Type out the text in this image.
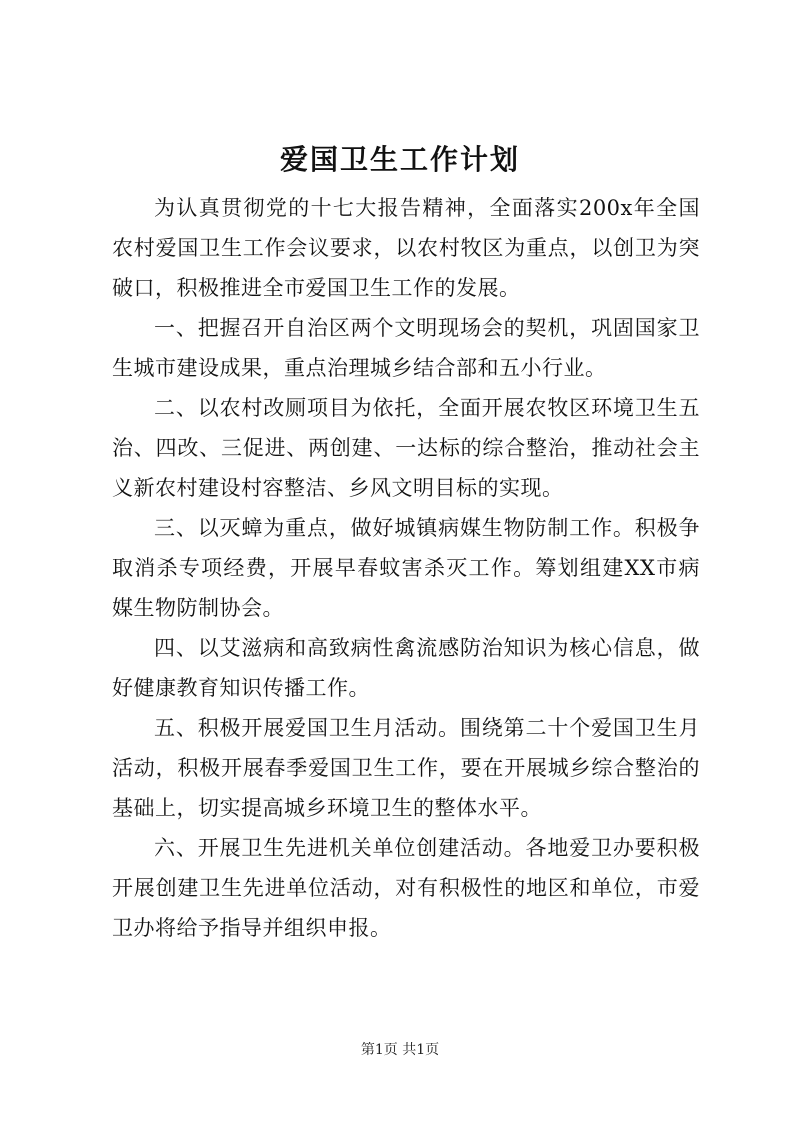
爱国卫生工作计划

为认真贯彻党的十七大报告精神，全面落实200x年全国农村爱国卫生工作会议要求，以农村牧区为重点，以创卫为突破口，积极推进全市爱国卫生工作的发展。

一、把握召开自治区两个文明现场会的契机，巩固国家卫生城市建设成果，重点治理城乡结合部和五小行业。

二、以农村改厕项目为依托，全面开展农牧区环境卫生五治、四改、三促进、两创建、一达标的综合整治，推动社会主义新农村建设村容整洁、乡风文明目标的实现。

三、以灭蟑为重点，做好城镇病媒生物防制工作。积极争取消杀专项经费，开展早春蚊害杀灭工作。筹划组建XX市病媒生物防制协会。

四、以艾滋病和高致病性禽流感防治知识为核心信息，做好健康教育知识传播工作。

五、积极开展爱国卫生月活动。围绕第二十个爱国卫生月活动，积极开展春季爱国卫生工作，要在开展城乡综合整治的基础上，切实提高城乡环境卫生的整体水平。

六、开展卫生先进机关单位创建活动。各地爱卫办要积极开展创建卫生先进单位活动，对有积极性的地区和单位，市爱卫办将给予指导并组织申报。

第1页 共1页
